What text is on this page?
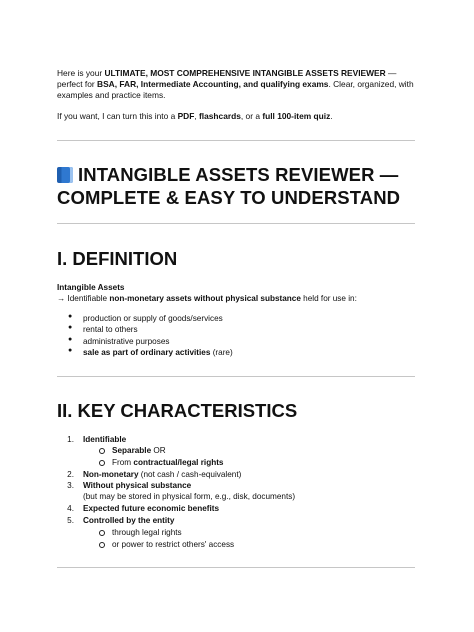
Here is your ULTIMATE, MOST COMPREHENSIVE INTANGIBLE ASSETS REVIEWER — perfect for BSA, FAR, Intermediate Accounting, and qualifying exams. Clear, organized, with examples and practice items.
If you want, I can turn this into a PDF, flashcards, or a full 100-item quiz.
INTANGIBLE ASSETS REVIEWER —
COMPLETE & EASY TO UNDERSTAND
I. DEFINITION
Intangible Assets
→ Identifiable non-monetary assets without physical substance held for use in:
● production or supply of goods/services
● rental to others
● administrative purposes
● sale as part of ordinary activities (rare)
II. KEY CHARACTERISTICS
1. Identifiable
Separable OR
From contractual/legal rights
2. Non-monetary (not cash / cash-equivalent)
3. Without physical substance
(but may be stored in physical form, e.g., disk, documents)
4. Expected future economic benefits
5. Controlled by the entity
through legal rights
or power to restrict others' access
